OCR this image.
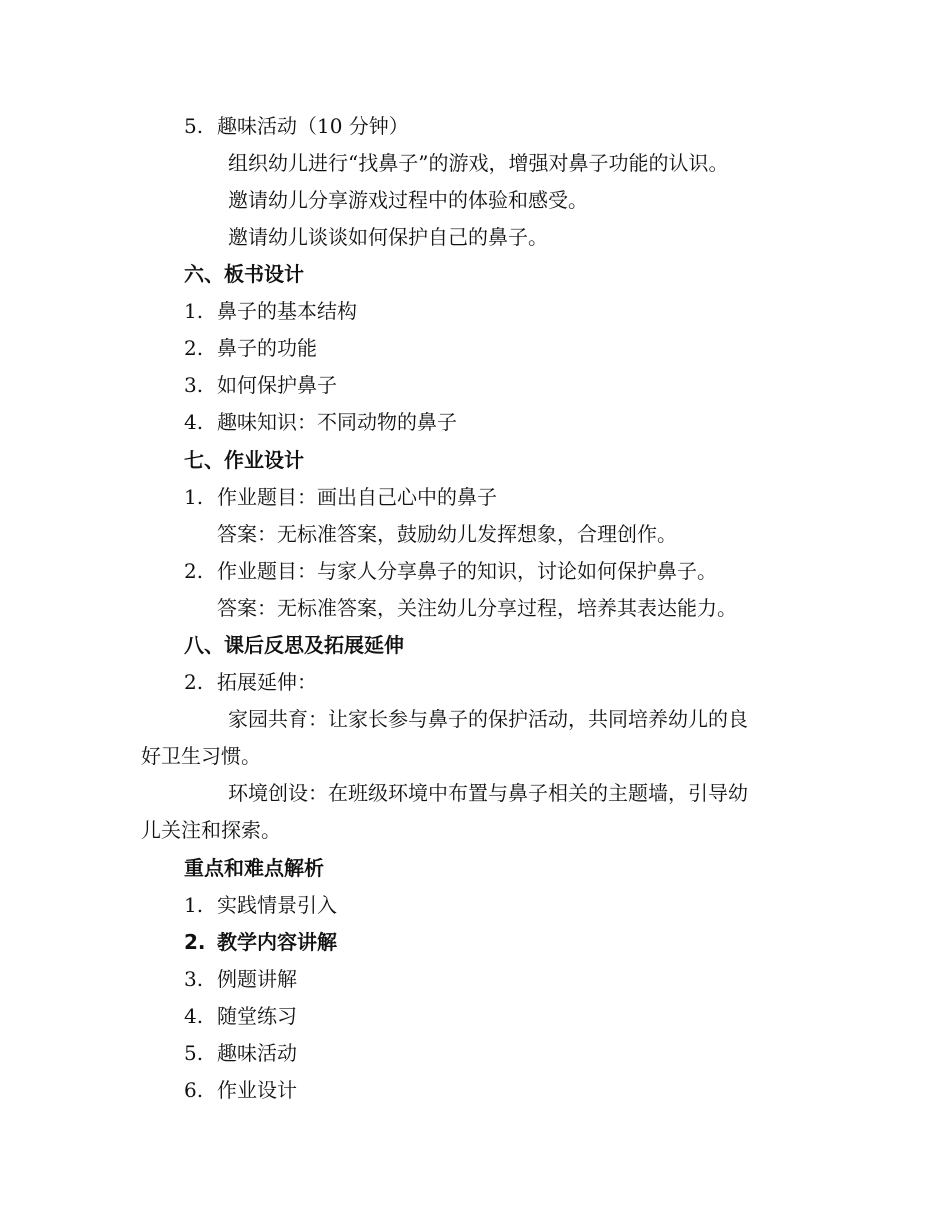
5. 趣味活动（10 分钟）
组织幼儿进行“找鼻子”的游戏，增强对鼻子功能的认识。
邀请幼儿分享游戏过程中的体验和感受。
邀请幼儿谈谈如何保护自己的鼻子。
六、板书设计
1. 鼻子的基本结构
2. 鼻子的功能
3. 如何保护鼻子
4. 趣味知识：不同动物的鼻子
七、作业设计
1. 作业题目：画出自己心中的鼻子
答案：无标准答案，鼓励幼儿发挥想象，合理创作。
2. 作业题目：与家人分享鼻子的知识，讨论如何保护鼻子。
答案：无标准答案，关注幼儿分享过程，培养其表达能力。
八、课后反思及拓展延伸
2. 拓展延伸：
家园共育：让家长参与鼻子的保护活动，共同培养幼儿的良
好卫生习惯。
环境创设：在班级环境中布置与鼻子相关的主题墙，引导幼
儿关注和探索。
重点和难点解析
1. 实践情景引入
2. 教学内容讲解
3. 例题讲解
4. 随堂练习
5. 趣味活动
6. 作业设计
